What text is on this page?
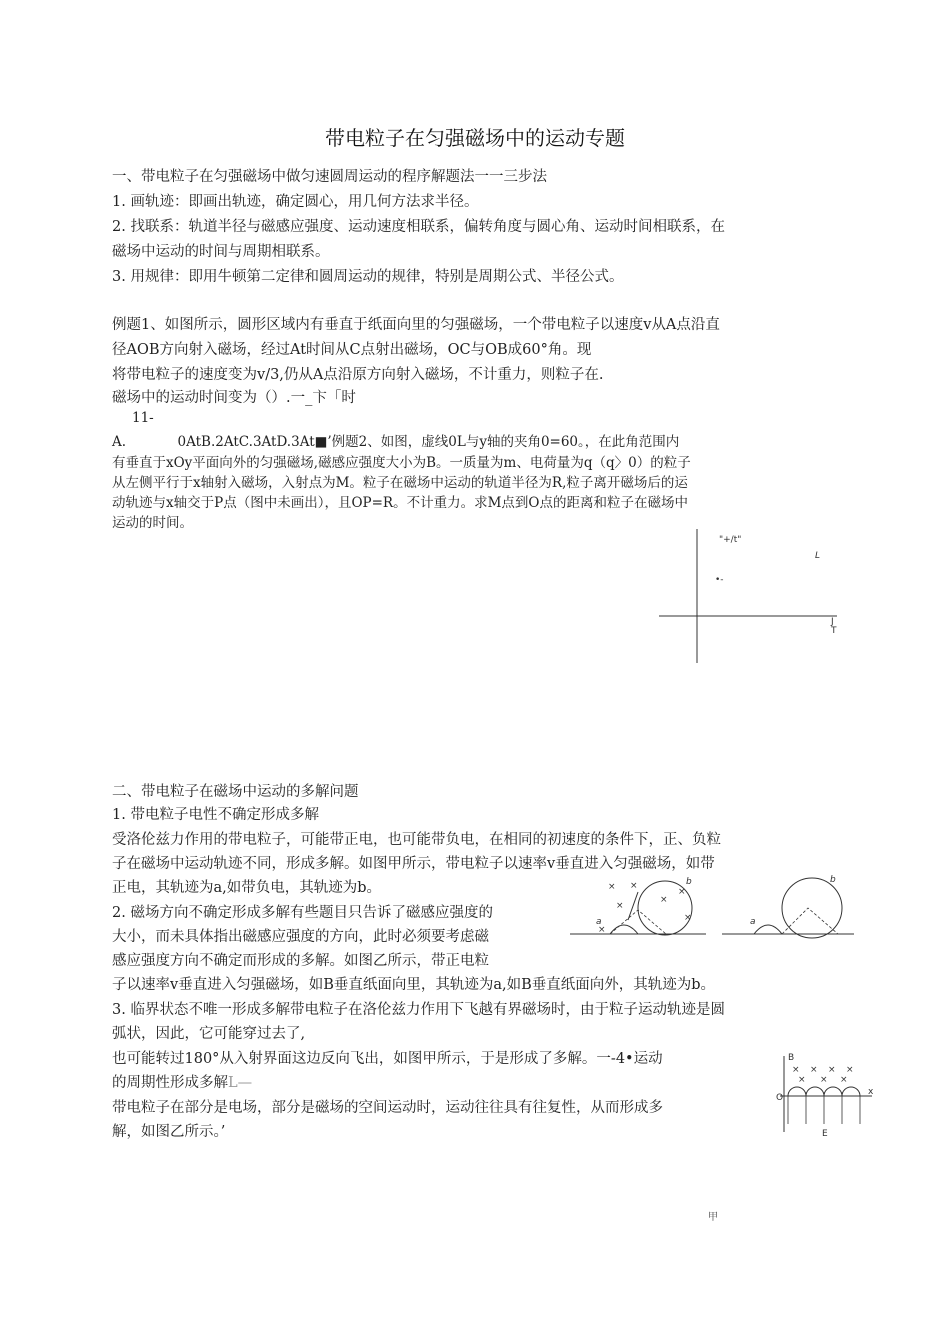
带电粒子在匀强磁场中的运动专题
一、带电粒子在匀强磁场中做匀速圆周运动的程序解题法一一三步法
1. 画轨迹：即画出轨迹，确定圆心，用几何方法求半径。
2. 找联系：轨道半径与磁感应强度、运动速度相联系，偏转角度与圆心角、运动时间相联系，在
磁场中运动的时间与周期相联系。
3. 用规律：即用牛顿第二定律和圆周运动的规律，特别是周期公式、半径公式。
例题1、如图所示，圆形区域内有垂直于纸面向里的匀强磁场，一个带电粒子以速度v从A点沿直
径AOB方向射入磁场，经过At时间从C点射出磁场，OC与OB成60°角。现
将带电粒子的速度变为v/3,仍从A点沿原方向射入磁场，不计重力，则粒子在.
磁场中的运动时间变为（）.一_卞「时
11-
A.            0AtB.2AtC.3AtD.3At■’例题2、如图，虚线0L与y轴的夹角0=60。，在此角范围内
有垂直于xOy平面向外的匀强磁场,磁感应强度大小为B。一质量为m、电荷量为q（q〉0）的粒子
从左侧平行于x轴射入磁场，入射点为M。粒子在磁场中运动的轨道半径为R,粒子离开磁场后的运
动轨迹与x轴交于P点（图中未画出），且OP=R。不计重力。求M点到O点的距离和粒子在磁场中
运动的时间。
"+/t"
L
•-
J
T
二、带电粒子在磁场中运动的多解问题
1. 带电粒子电性不确定形成多解
受洛伦兹力作用的带电粒子，可能带正电，也可能带负电，在相同的初速度的条件下，正、负粒
子在磁场中运动轨迹不同，形成多解。如图甲所示，带电粒子以速率v垂直进入匀强磁场，如带
正电，其轨迹为a,如带负电，其轨迹为b。
2. 磁场方向不确定形成多解有些题目只告诉了磁感应强度的
大小，而未具体指出磁感应强度的方向，此时必须要考虑磁
感应强度方向不确定而形成的多解。如图乙所示，带正电粒
子以速率v垂直进入匀强磁场，如B垂直纸面向里，其轨迹为a,如B垂直纸面向外，其轨迹为b。
3. 临界状态不唯一形成多解带电粒子在洛伦兹力作用下飞越有界磁场时，由于粒子运动轨迹是圆
弧状，因此，它可能穿过去了,
也可能转过180°从入射界面这边反向飞出，如图甲所示，于是形成了多解。一-4•运动
的周期性形成多解L—
带电粒子在部分是电场，部分是磁场的空间运动时，运动往往具有往复性，从而形成多
解，如图乙所示。’
甲
× ×
×
×
×
×
×
a
b
a
b
× × × ×
× × ×
B
O
x
E
